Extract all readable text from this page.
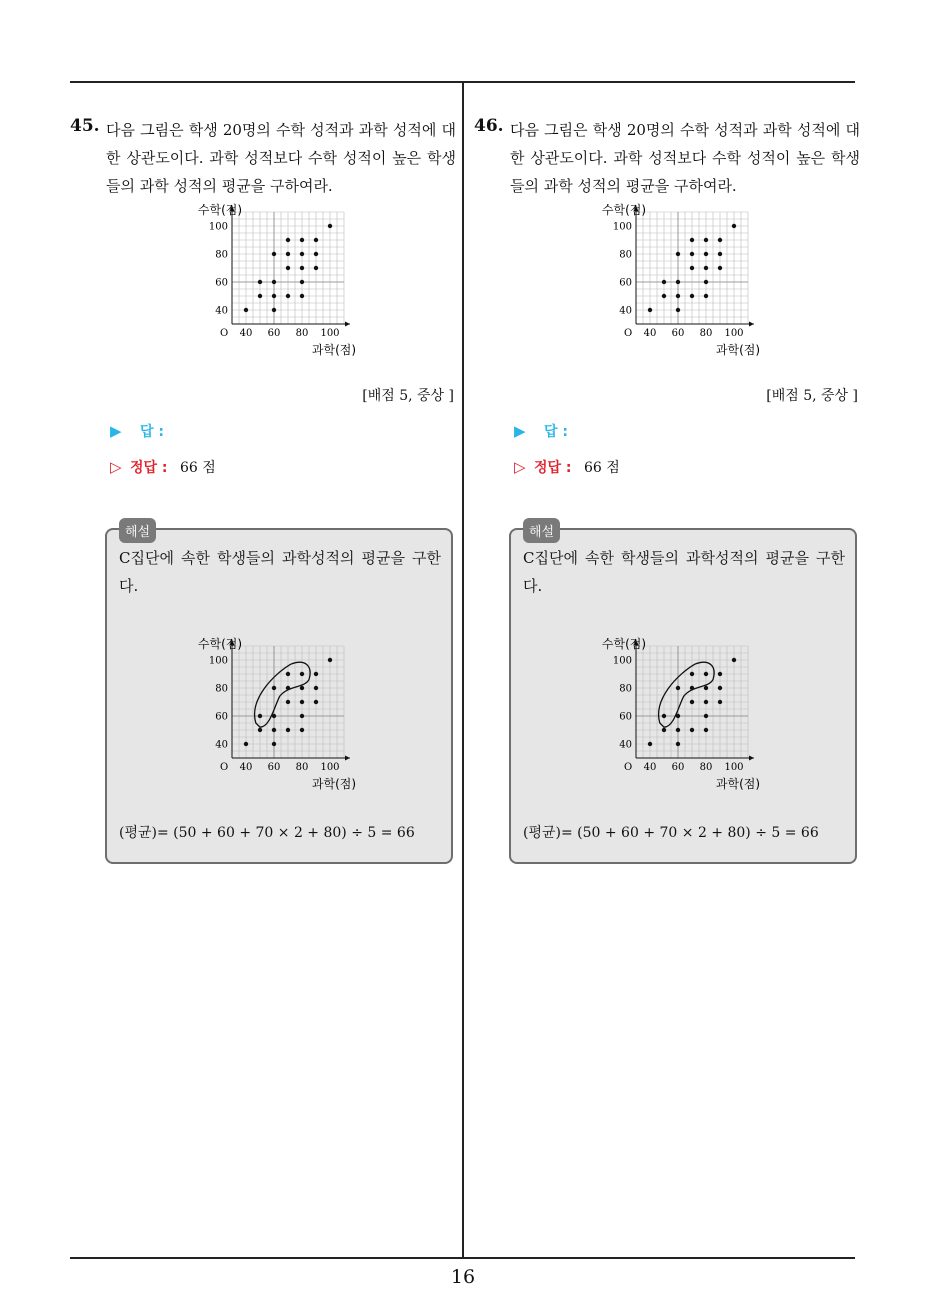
16
45. 다음 그림은 학생 20명의 수학 성적과 과학 성적에 대한 상관도이다. 과학 성적보다 수학 성적이 높은 학생들의 과학 성적의 평균을 구하여라.
40 60 80 100
40
60
80
100
O
수학(점)
과학(점)
[배점 5, 중상 ]
▶ 답 :
▷ 정답 : 66 점
해설
C집단에 속한 학생들의 과학성적의 평균을 구한다.
40 60 80 100
40
60
80
100
O
수학(점)
과학(점)
(평균)= (50 + 60 + 70 × 2 + 80) ÷ 5 = 66
46. 다음 그림은 학생 20명의 수학 성적과 과학 성적에 대한 상관도이다. 과학 성적보다 수학 성적이 높은 학생들의 과학 성적의 평균을 구하여라.
40 60 80 100
40
60
80
100
O
수학(점)
과학(점)
[배점 5, 중상 ]
▶ 답 :
▷ 정답 : 66 점
해설
C집단에 속한 학생들의 과학성적의 평균을 구한다.
40 60 80 100
40
60
80
100
O
수학(점)
과학(점)
(평균)= (50 + 60 + 70 × 2 + 80) ÷ 5 = 66
